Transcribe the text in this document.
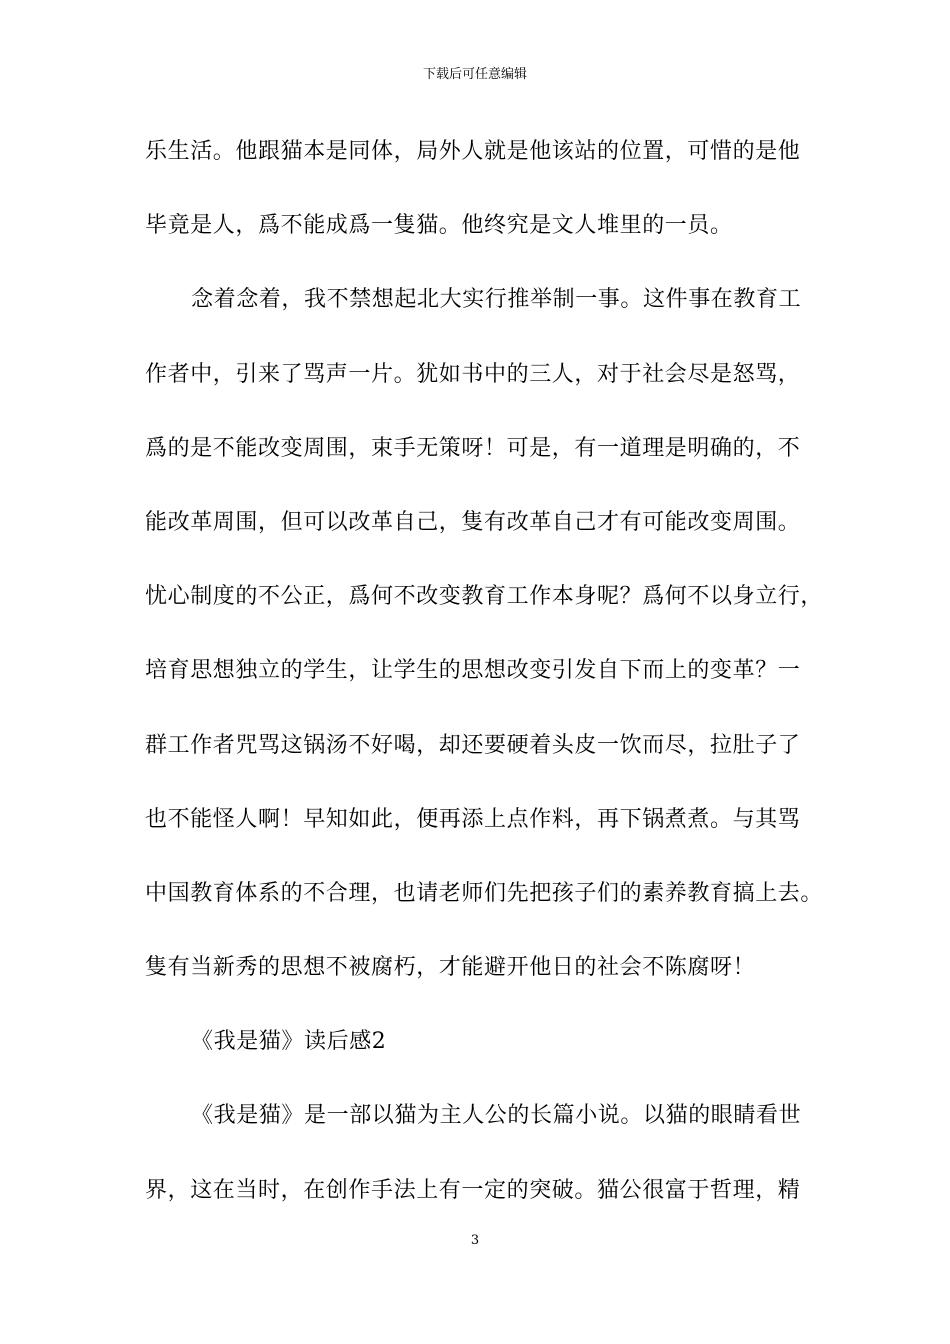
下载后可任意编辑
乐生活。他跟猫本是同体，局外人就是他该站的位置，可惜的是他
毕竟是人，爲不能成爲一隻猫。他终究是文人堆里的一员。
念着念着，我不禁想起北大实行推举制一事。这件事在教育工
作者中，引来了骂声一片。犹如书中的三人，对于社会尽是怒骂，
爲的是不能改变周围，束手无策呀！可是，有一道理是明确的，不
能改革周围，但可以改革自己，隻有改革自己才有可能改变周围。
忧心制度的不公正，爲何不改变教育工作本身呢？爲何不以身立行，
培育思想独立的学生，让学生的思想改变引发自下而上的变革？一
群工作者咒骂这锅汤不好喝，却还要硬着头皮一饮而尽，拉肚子了
也不能怪人啊！早知如此，便再添上点作料，再下锅煮煮。与其骂
中国教育体系的不合理，也请老师们先把孩子们的素养教育搞上去。
隻有当新秀的思想不被腐朽，才能避开他日的社会不陈腐呀！
《我是猫》读后感2
《我是猫》是一部以猫为主人公的长篇小说。以猫的眼睛看世
界，这在当时，在创作手法上有一定的突破。猫公很富于哲理，精
3
